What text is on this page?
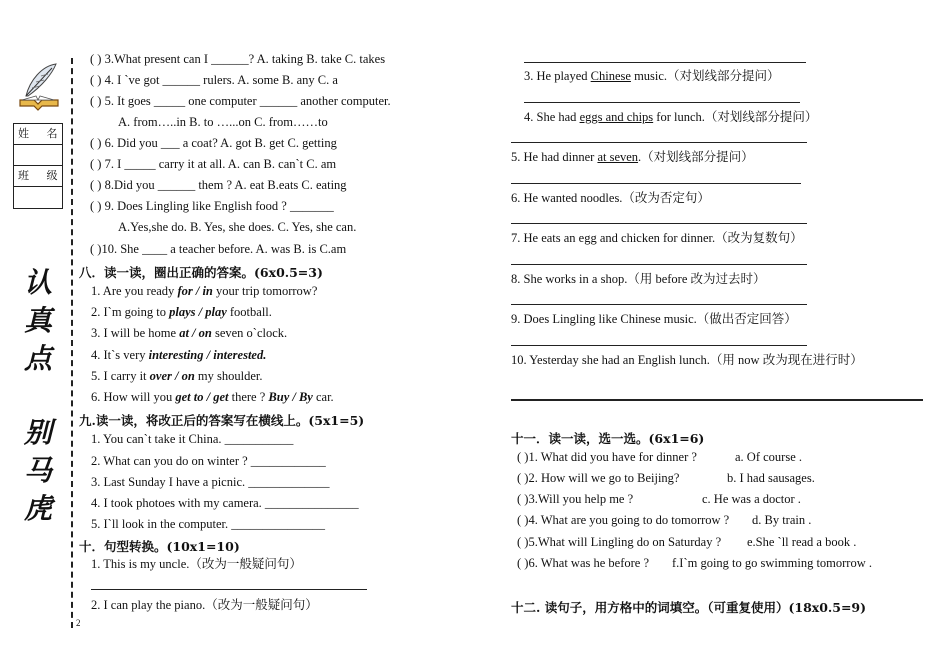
姓 名
班 级
认
真
点
别
马
虎
2
( ) 3.What present can I ______? A. taking B. take C. takes
( ) 4. I `ve got ______ rulers. A. some B. any C. a
( ) 5. It goes _____ one computer ______ another computer.
A. from…..in B. to …...on C. from……to
( ) 6. Did you ___ a coat? A. got B. get C. getting
( ) 7. I _____ carry it at all. A. can B. can`t C. am
( ) 8.Did you ______ them ? A. eat B.eats C. eating
( ) 9. Does Lingling like English food ? _______
A.Yes,she do. B. Yes, she does. C. Yes, she can.
( )10. She ____ a teacher before. A. was B. is C.am
八．读一读，圈出正确的答案。(6x0.5=3)
1. Are you ready for / in your trip tomorrow?
2. I`m going to plays / play football.
3. I will be home at / on seven o`clock.
4. It`s very interesting / interested.
5. I carry it over / on my shoulder.
6. How will you get to / get there ? Buy / By car.
九.读一读，将改正后的答案写在横线上。(5x1=5)
1. You can`t take it China. ___________
2. What can you do on winter ? ____________
3. Last Sunday I have a picnic. _____________
4. I took photoes with my camera. _______________
5. I`ll look in the computer. _______________
十．句型转换。(10x1=10)
1. This is my uncle.（改为一般疑问句）
2. I can play the piano.（改为一般疑问句）
3. He played Chinese music.（对划线部分提问）
4. She had eggs and chips for lunch.（对划线部分提问）
5. He had dinner at seven.（对划线部分提问）
6. He wanted noodles.（改为否定句）
7. He eats an egg and chicken for dinner.（改为复数句）
8. She works in a shop.（用 before 改为过去时）
9. Does Lingling like Chinese music.（做出否定回答）
10. Yesterday she had an English lunch.（用 now 改为现在进行时）
十一．读一读，选一选。(6x1=6)
( )1. What did you have for dinner ?	a. Of course .
( )2. How will we go to Beijing?	b. I had sausages.
( )3.Will you help me ?	c. He was a doctor .
( )4. What are you going to do tomorrow ? d. By train .
( )5.What will Lingling do on Saturday ? e.She `ll read a book .
( )6. What was he before ? f.I`m going to go swimming tomorrow .
十二. 读句子，用方格中的词填空。（可重复使用）(18x0.5=9)
